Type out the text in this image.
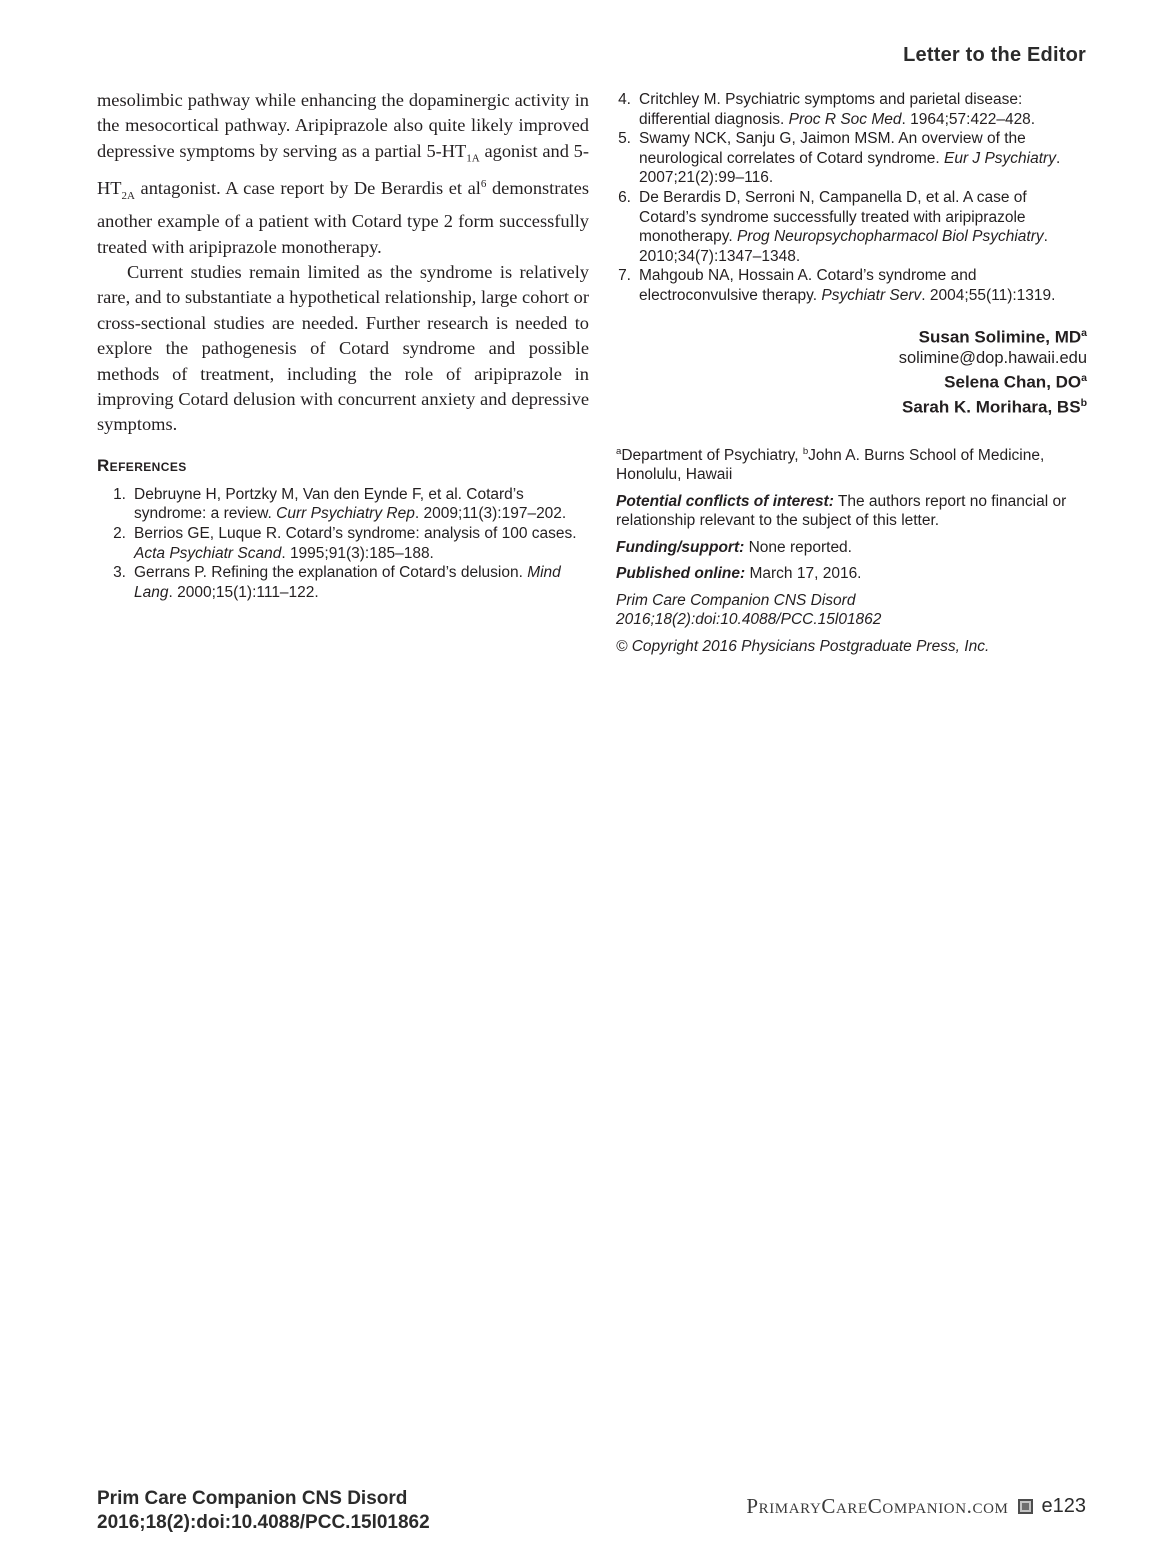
Letter to the Editor

mesolimbic pathway while enhancing the dopaminergic activity in the mesocortical pathway. Aripiprazole also quite likely improved depressive symptoms by serving as a partial $5-HT_{1A}$ agonist and $5-HT_{2A}$ antagonist. A case report by De Berardis et $al^6$ demonstrates another example of a patient with Cotard type 2 form successfully treated with aripiprazole monotherapy.

Current studies remain limited as the syndrome is relatively rare, and to substantiate a hypothetical relationship, large cohort or cross-sectional studies are needed. Further research is needed to explore the pathogenesis of Cotard syndrome and possible methods of treatment, including the role of aripiprazole in improving Cotard delusion with concurrent anxiety and depressive symptoms.

References
1. Debruyne H, Portzky M, Van den Eynde F, et al. Cotard’s syndrome: a review. Curr Psychiatry Rep. 2009;11(3):197–202.
2. Berrios GE, Luque R. Cotard’s syndrome: analysis of 100 cases. Acta Psychiatr Scand. 1995;91(3):185–188.
3. Gerrans P. Refining the explanation of Cotard’s delusion. Mind Lang. 2000;15(1):111–122.
4. Critchley M. Psychiatric symptoms and parietal disease: differential diagnosis. Proc R Soc Med. 1964;57:422–428.
5. Swamy NCK, Sanju G, Jaimon MSM. An overview of the neurological correlates of Cotard syndrome. Eur J Psychiatry. 2007;21(2):99–116.
6. De Berardis D, Serroni N, Campanella D, et al. A case of Cotard’s syndrome successfully treated with aripiprazole monotherapy. Prog Neuropsychopharmacol Biol Psychiatry. 2010;34(7):1347–1348.
7. Mahgoub NA, Hossain A. Cotard’s syndrome and electroconvulsive therapy. Psychiatr Serv. 2004;55(11):1319.
Susan Solimine, $MD^a$
solimine@dop.hawaii.edu
Selena Chan, $DO^a$
Sarah K. Morihara, $BS^b$
$^a$Department of Psychiatry, $^b$John A. Burns School of Medicine, Honolulu, Hawaii
Potential conflicts of interest: The authors report no financial or relationship relevant to the subject of this letter.
Funding/support: None reported.
Published online: March 17, 2016.
Prim Care Companion CNS Disord 2016;18(2):doi:10.4088/PCC.15l01862
© Copyright 2016 Physicians Postgraduate Press, Inc.
Prim Care Companion CNS Disord
2016;18(2):doi:10.4088/PCC.15l01862
PrimaryCareCompanion.com e123
